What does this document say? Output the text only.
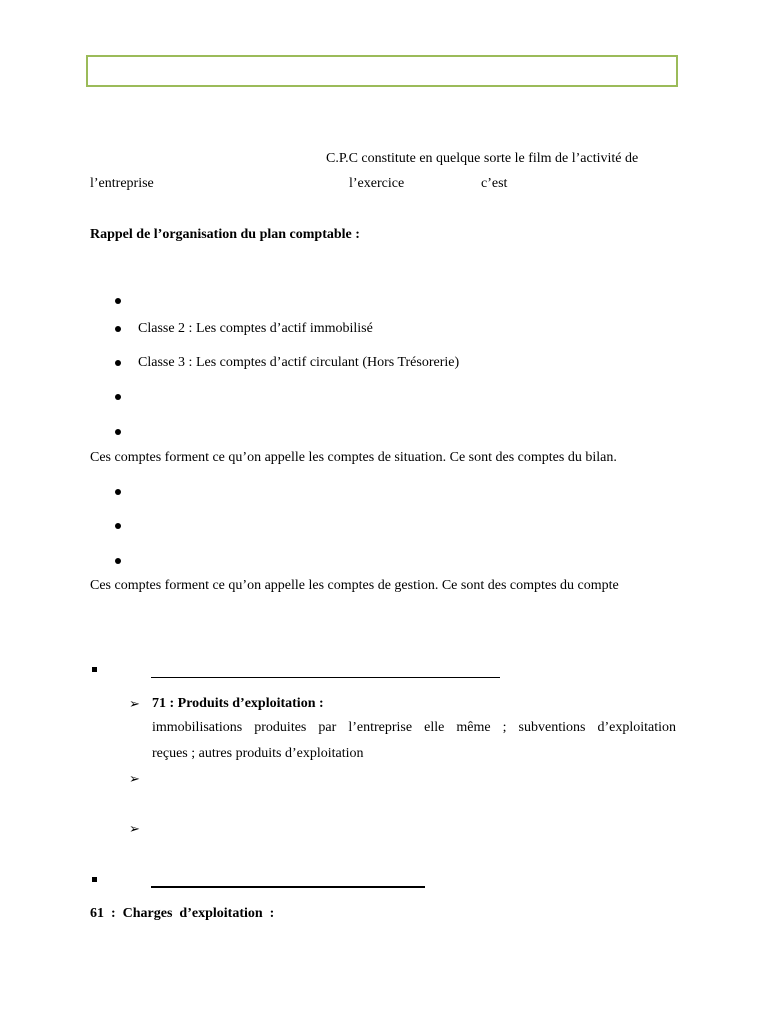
C.P.C constitute en quelque sorte le film de l’activité de
l’entreprise	l’exercice	c’est
Rappel de l’organisation du plan comptable :
Classe 2 : Les comptes d’actif immobilisé
Classe 3 : Les comptes d’actif circulant (Hors Trésorerie)
Ces comptes forment ce qu’on appelle les comptes de situation. Ce sont des comptes du bilan.
Ces comptes forment ce qu’on appelle les comptes de gestion. Ce sont des comptes du compte
➢ 71 : Produits d’exploitation :
immobilisations produites par l’entreprise elle même ; subventions d’exploitation
reçues ; autres produits d’exploitation
➢
➢
61  :  Charges  d’exploitation  :
